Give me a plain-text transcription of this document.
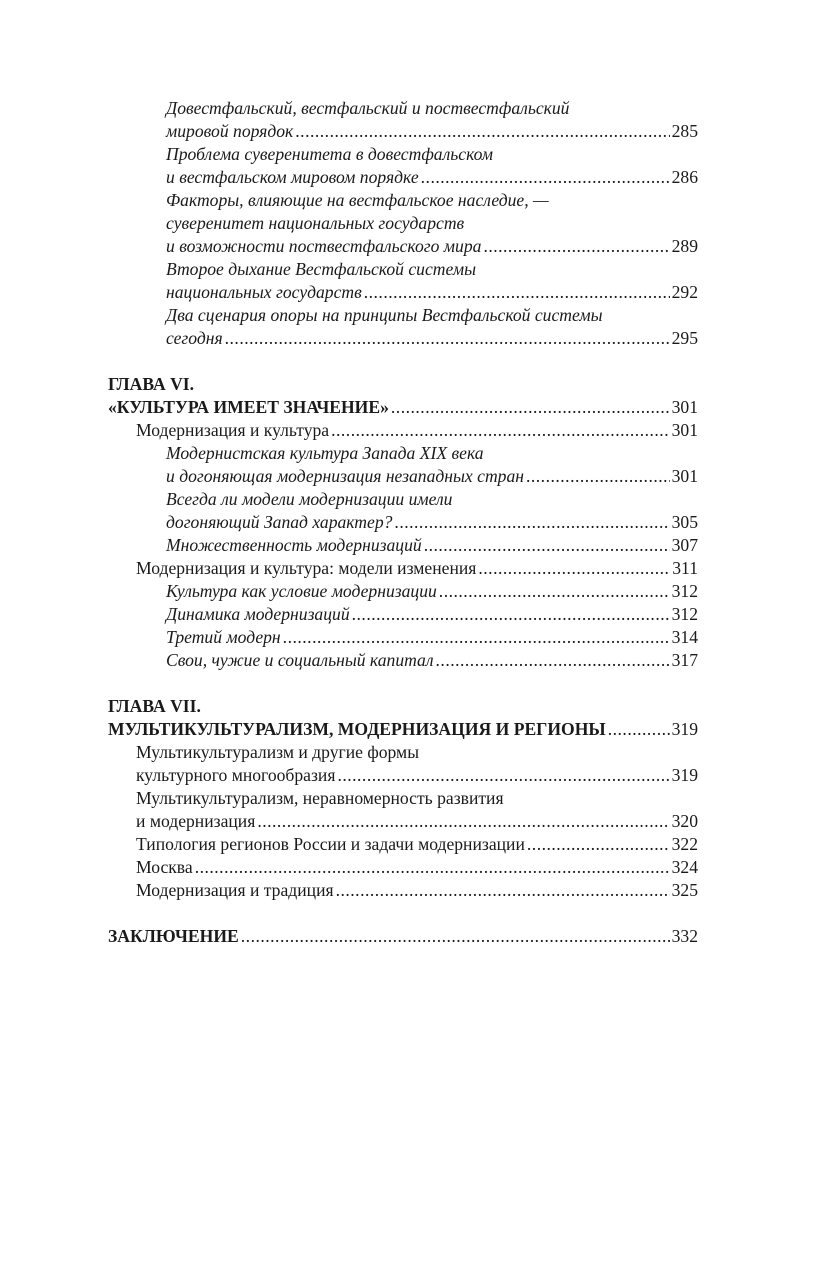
Довестфальский, вестфальский и поствестфальский
мировой порядок .....	285
Проблема суверенитета в довестфальском
и вестфальском мировом порядке .....	286
Факторы, влияющие на вестфальское наследие, —
суверенитет национальных государств
и возможности поствестфальского мира .....	289
Второе дыхание Вестфальской системы
национальных государств .....	292
Два сценария опоры на принципы Вестфальской системы
сегодня .....	295
ГЛАВА VI.
«КУЛЬТУРА ИМЕЕТ ЗНАЧЕНИЕ» .....	301
Модернизация и культура .....	301
Модернистская культура Запада XIX века
и догоняющая модернизация незападных стран .....	301
Всегда ли модели модернизации имели
догоняющий Запад характер? .....	305
Множественность модернизаций .....	307
Модернизация и культура: модели изменения .....	311
Культура как условие модернизации .....	312
Динамика модернизаций .....	312
Третий модерн .....	314
Свои, чужие и социальный капитал .....	317
ГЛАВА VII.
МУЛЬТИКУЛЬТУРАЛИЗМ, МОДЕРНИЗАЦИЯ И РЕГИОНЫ .....	319
Мультикультурализм и другие формы
культурного многообразия .....	319
Мультикультурализм, неравномерность развития
и модернизация .....	320
Типология регионов России и задачи модернизации .....	322
Москва .....	324
Модернизация и традиция .....	325
ЗАКЛЮЧЕНИЕ .....	332
